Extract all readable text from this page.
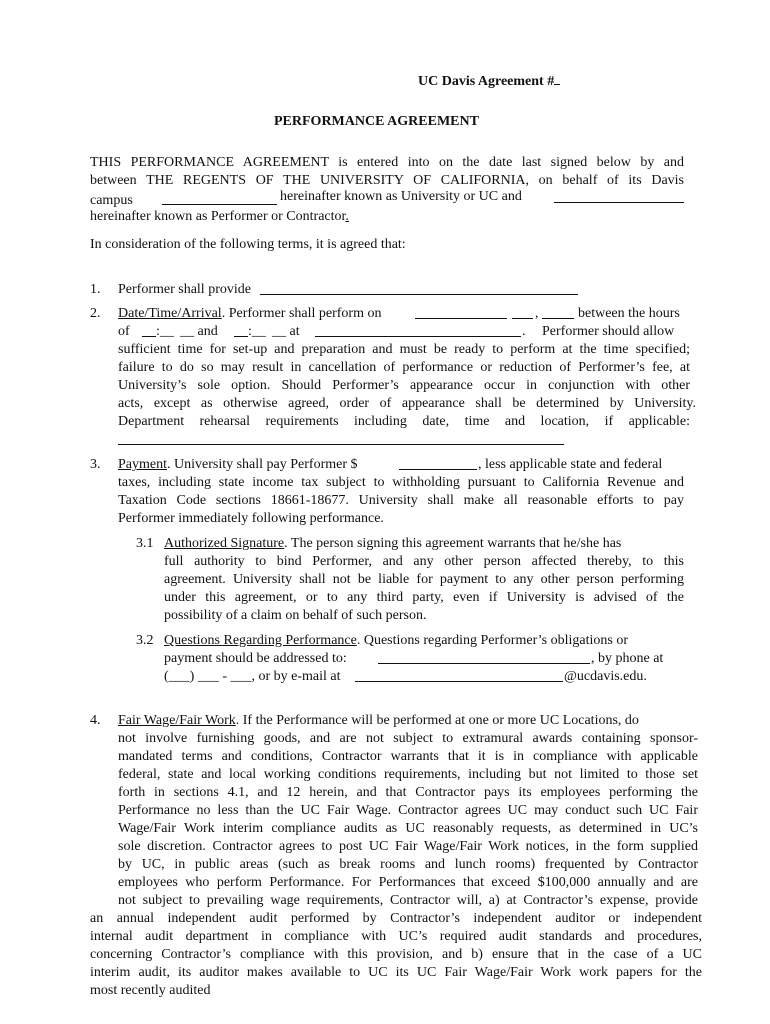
UC Davis Agreement #
PERFORMANCE AGREEMENT
THIS PERFORMANCE AGREEMENT is entered into on the date last signed below by and
between THE REGENTS OF THE UNIVERSITY OF CALIFORNIA, on behalf of its Davis
campus	hereinafter known as University or UC and
hereinafter known as Performer or Contractor.
In consideration of the following terms, it is agreed that:
1. Performer shall provide
2. Date/Time/Arrival. Performer shall perform on	,	between the hours
of :__ __ and :__ __ at	. Performer should allow
sufficient time for set-up and preparation and must be ready to perform at the time specified;
failure to do so may result in cancellation of performance or reduction of Performer’s fee, at
University’s sole option. Should Performer’s appearance occur in conjunction with other
acts, except as otherwise agreed, order of appearance shall be determined by University.
Department rehearsal requirements including date, time and location, if applicable:
3. Payment. University shall pay Performer $	, less applicable state and federal
taxes, including state income tax subject to withholding pursuant to California Revenue and
Taxation Code sections 18661-18677. University shall make all reasonable efforts to pay
Performer immediately following performance.
3.1 Authorized Signature. The person signing this agreement warrants that he/she has
full authority to bind Performer, and any other person affected thereby, to this
agreement. University shall not be liable for payment to any other person performing
under this agreement, or to any third party, even if University is advised of the
possibility of a claim on behalf of such person.
3.2 Questions Regarding Performance. Questions regarding Performer’s obligations or
payment should be addressed to:	, by phone at
(___) ___ - ___, or by e-mail at	@ucdavis.edu.
4. Fair Wage/Fair Work. If the Performance will be performed at one or more UC Locations, do
not involve furnishing goods, and are not subject to extramural awards containing sponsor-
mandated terms and conditions, Contractor warrants that it is in compliance with applicable
federal, state and local working conditions requirements, including but not limited to those set
forth in sections 4.1, and 12 herein, and that Contractor pays its employees performing the
Performance no less than the UC Fair Wage. Contractor agrees UC may conduct such UC Fair
Wage/Fair Work interim compliance audits as UC reasonably requests, as determined in UC’s
sole discretion. Contractor agrees to post UC Fair Wage/Fair Work notices, in the form supplied
by UC, in public areas (such as break rooms and lunch rooms) frequented by Contractor
employees who perform Performance. For Performances that exceed $100,000 annually and are
not subject to prevailing wage requirements, Contractor will, a) at Contractor’s expense, provide
an annual independent audit performed by Contractor’s independent auditor or independent
internal audit department in compliance with UC’s required audit standards and procedures,
concerning Contractor’s compliance with this provision, and b) ensure that in the case of a UC
interim audit, its auditor makes available to UC its UC Fair Wage/Fair Work work papers for the
most recently audited
